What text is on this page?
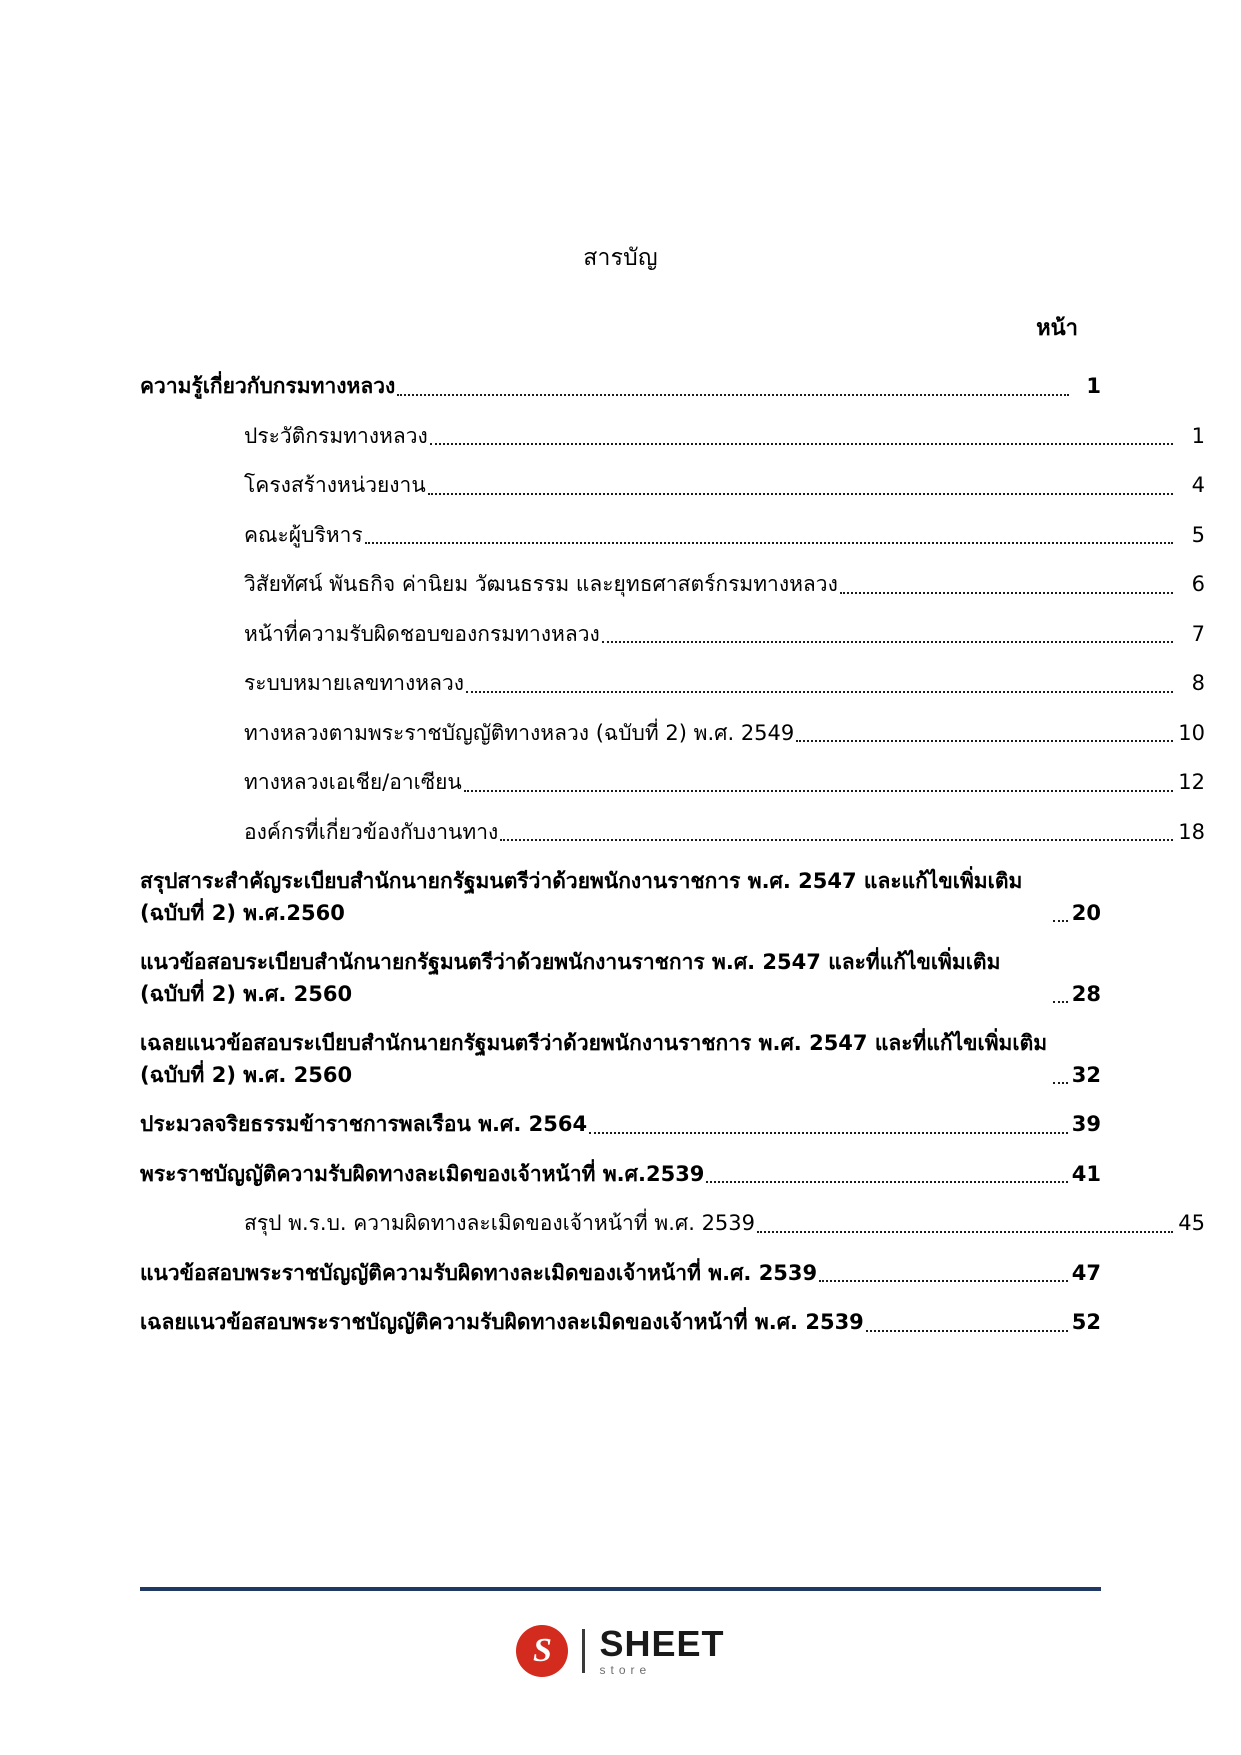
สารบัญ
หน้า
ความรู้เกี่ยวกับกรมทางหลวง	1
ประวัติกรมทางหลวง	1
โครงสร้างหน่วยงาน	4
คณะผู้บริหาร	5
วิสัยทัศน์ พันธกิจ ค่านิยม วัฒนธรรม และยุทธศาสตร์กรมทางหลวง	6
หน้าที่ความรับผิดชอบของกรมทางหลวง	7
ระบบหมายเลขทางหลวง	8
ทางหลวงตามพระราชบัญญัติทางหลวง (ฉบับที่ 2) พ.ศ. 2549	10
ทางหลวงเอเชีย/อาเซียน	12
องค์กรที่เกี่ยวข้องกับงานทาง	18
สรุปสาระสำคัญระเบียบสำนักนายกรัฐมนตรีว่าด้วยพนักงานราชการ พ.ศ. 2547 และแก้ไขเพิ่มเติม (ฉบับที่ 2) พ.ศ.2560	20
แนวข้อสอบระเบียบสำนักนายกรัฐมนตรีว่าด้วยพนักงานราชการ พ.ศ. 2547 และที่แก้ไขเพิ่มเติม (ฉบับที่ 2) พ.ศ. 2560	28
เฉลยแนวข้อสอบระเบียบสำนักนายกรัฐมนตรีว่าด้วยพนักงานราชการ พ.ศ. 2547 และที่แก้ไขเพิ่มเติม (ฉบับที่ 2) พ.ศ. 2560	32
ประมวลจริยธรรมข้าราชการพลเรือน พ.ศ. 2564	39
พระราชบัญญัติความรับผิดทางละเมิดของเจ้าหน้าที่ พ.ศ.2539	41
สรุป พ.ร.บ. ความผิดทางละเมิดของเจ้าหน้าที่ พ.ศ. 2539	45
แนวข้อสอบพระราชบัญญัติความรับผิดทางละเมิดของเจ้าหน้าที่ พ.ศ. 2539	47
เฉลยแนวข้อสอบพระราชบัญญัติความรับผิดทางละเมิดของเจ้าหน้าที่ พ.ศ. 2539	52
S	SHEET
store
